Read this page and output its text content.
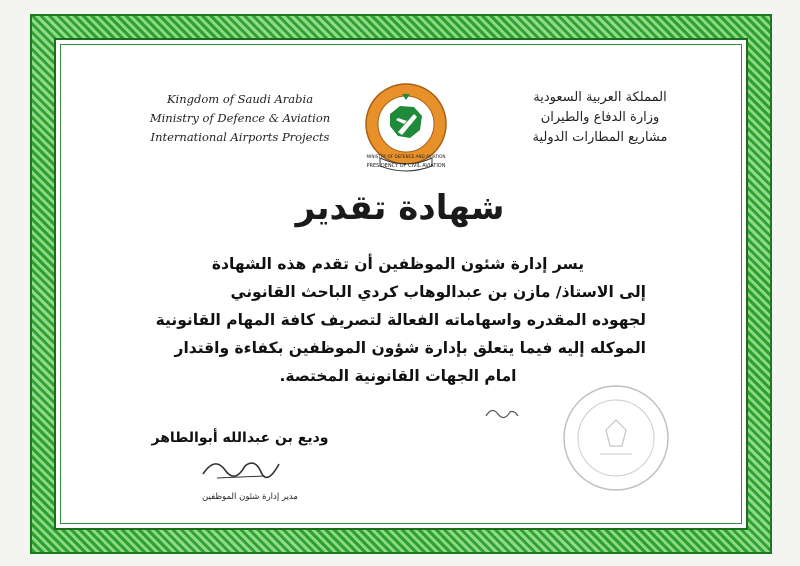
Kingdom of Saudi Arabia
Ministry of Defence & Aviation
International Airports Projects
PRESIDENCY OF CIVIL AVIATION
MINISTRY OF DEFENCE AND AVIATION
المملكة العربية السعودية
وزارة الدفاع والطيران
مشاريع المطارات الدولية
شهادة تقدير
يسر إدارة شئون الموظفين أن تقدم هذه الشهادة
إلى الاستاذ/ مازن بن عبدالوهاب كردي الباحث القانوني
لجهوده المقدره واسهاماته الفعالة لتصريف كافة المهام القانونية
الموكله إليه فيما يتعلق بإدارة شؤون الموظفين بكفاءة واقتدار
امام الجهات القانونية المختصة.
وديع بن عبدالله أبوالطاهر
مدير إدارة شئون الموظفين
